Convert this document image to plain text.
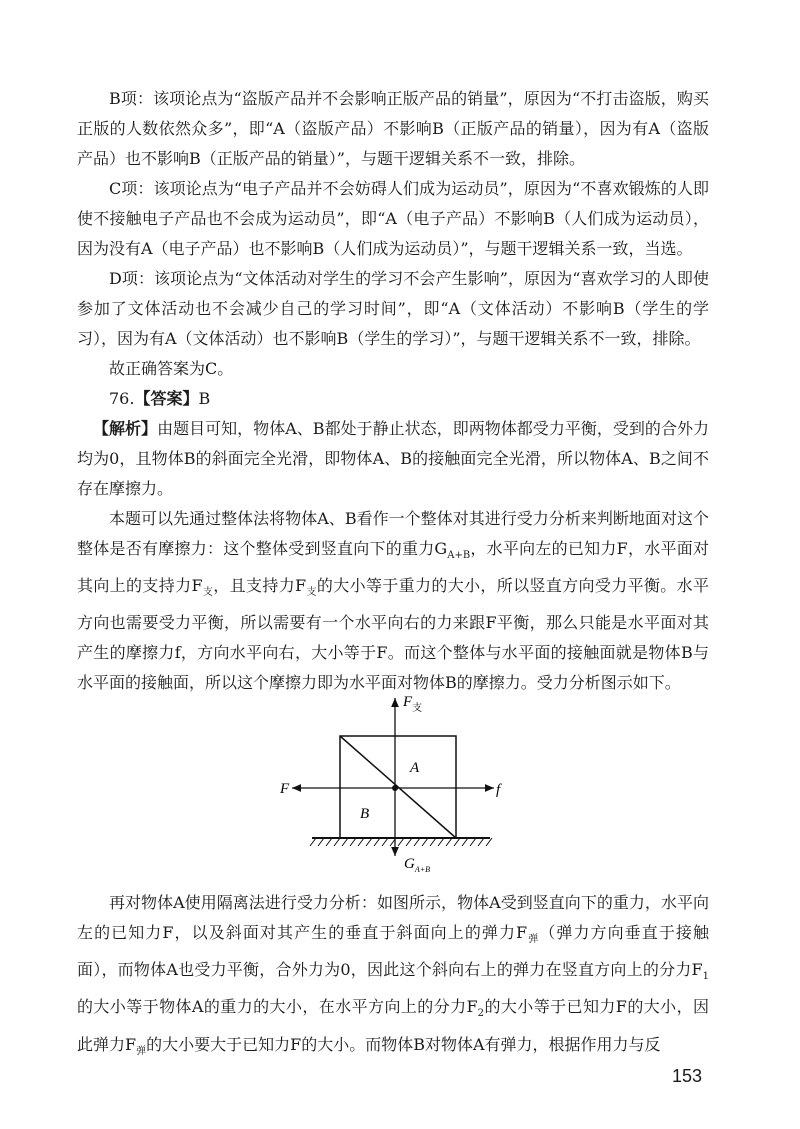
B项：该项论点为“盗版产品并不会影响正版产品的销量”，原因为“不打击盗版，购买正版的人数依然众多”，即“A（盗版产品）不影响B（正版产品的销量），因为有A（盗版产品）也不影响B（正版产品的销量）”，与题干逻辑关系不一致，排除。

C项：该项论点为“电子产品并不会妨碍人们成为运动员”，原因为“不喜欢锻炼的人即使不接触电子产品也不会成为运动员”，即“A（电子产品）不影响B（人们成为运动员），因为没有A（电子产品）也不影响B（人们成为运动员）”，与题干逻辑关系一致，当选。

D项：该项论点为“文体活动对学生的学习不会产生影响”，原因为“喜欢学习的人即使参加了文体活动也不会减少自己的学习时间”，即“A（文体活动）不影响B（学生的学习），因为有A（文体活动）也不影响B（学生的学习）”，与题干逻辑关系不一致，排除。

故正确答案为C。

76.【答案】B

【解析】由题目可知，物体A、B都处于静止状态，即两物体都受力平衡，受到的合外力均为0，且物体B的斜面完全光滑，即物体A、B的接触面完全光滑，所以物体A、B之间不存在摩擦力。

本题可以先通过整体法将物体A、B看作一个整体对其进行受力分析来判断地面对这个整体是否有摩擦力：这个整体受到竖直向下的重力$G_{A+B}$，水平向左的已知力F，水平面对其向上的支持力$F_支$，且支持力$F_支$的大小等于重力的大小，所以竖直方向受力平衡。水平方向也需要受力平衡，所以需要有一个水平向右的力来跟F平衡，那么只能是水平面对其产生的摩擦力f，方向水平向右，大小等于F。而这个整体与水平面的接触面就是物体B与水平面的接触面，所以这个摩擦力即为水平面对物体B的摩擦力。受力分析图示如下。

$F_支$
A
B
F	f
$G_{A+B}$

再对物体A使用隔离法进行受力分析：如图所示，物体A受到竖直向下的重力，水平向左的已知力F，以及斜面对其产生的垂直于斜面向上的弹力$F_弹$（弹力方向垂直于接触面），而物体A也受力平衡，合外力为0，因此这个斜向右上的弹力在竖直方向上的分力$F_1$的大小等于物体A的重力的大小，在水平方向上的分力$F_2$的大小等于已知力F的大小，因此弹力$F_弹$的大小要大于已知力F的大小。而物体B对物体A有弹力，根据作用力与反

153
